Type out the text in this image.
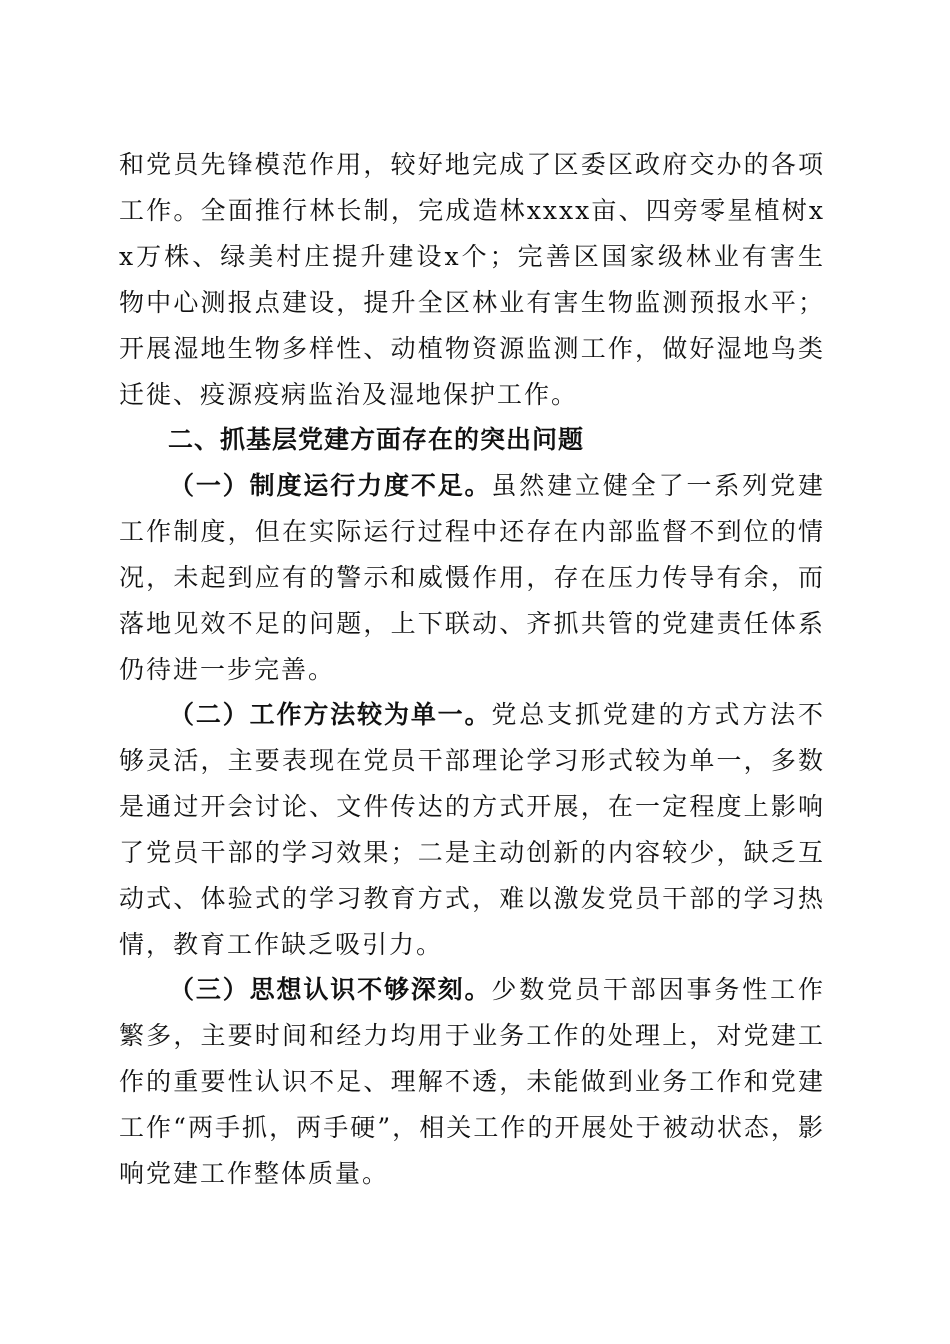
和党员先锋模范作用，较好地完成了区委区政府交办的各项工作。全面推行林长制，完成造林xxxx亩、四旁零星植树xx万株、绿美村庄提升建设x个；完善区国家级林业有害生物中心测报点建设，提升全区林业有害生物监测预报水平；开展湿地生物多样性、动植物资源监测工作，做好湿地鸟类迁徙、疫源疫病监治及湿地保护工作。
二、抓基层党建方面存在的突出问题
（一）制度运行力度不足。虽然建立健全了一系列党建工作制度，但在实际运行过程中还存在内部监督不到位的情况，未起到应有的警示和威慑作用，存在压力传导有余，而落地见效不足的问题，上下联动、齐抓共管的党建责任体系仍待进一步完善。
（二）工作方法较为单一。党总支抓党建的方式方法不够灵活，主要表现在党员干部理论学习形式较为单一，多数是通过开会讨论、文件传达的方式开展，在一定程度上影响了党员干部的学习效果；二是主动创新的内容较少，缺乏互动式、体验式的学习教育方式，难以激发党员干部的学习热情，教育工作缺乏吸引力。
（三）思想认识不够深刻。少数党员干部因事务性工作繁多，主要时间和经力均用于业务工作的处理上，对党建工作的重要性认识不足、理解不透，未能做到业务工作和党建工作“两手抓，两手硬”，相关工作的开展处于被动状态，影响党建工作整体质量。
